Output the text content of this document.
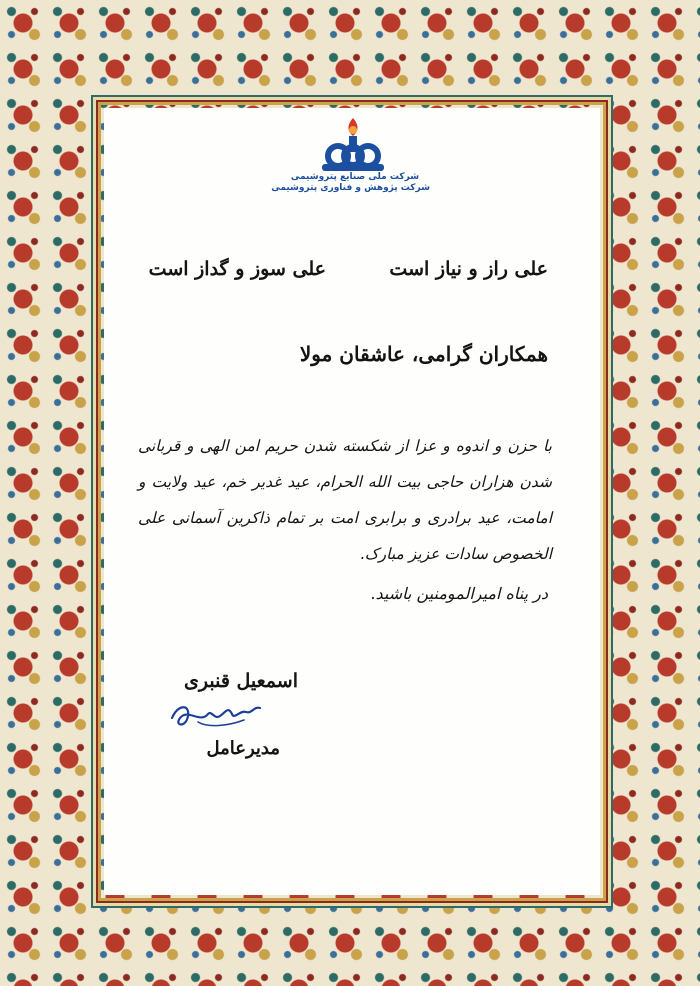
شرکت ملی صنایع پتروشیمی
شرکت پژوهش و فناوری پتروشیمی
علی راز و نیاز است
علی سوز و گداز است
همکاران گرامی، عاشقان مولا
با حزن و اندوه و عزا از شکسته شدن حریم امن الهی و قربانی شدن هزاران حاجی بیت الله الحرام، عید غدیر خم، عید ولایت و امامت، عید برادری و برابری امت بر تمام ذاکرین آسمانی علی الخصوص سادات عزیز مبارک.
در پناه امیرالمومنین باشید.
اسمعیل قنبری
مدیرعامل
